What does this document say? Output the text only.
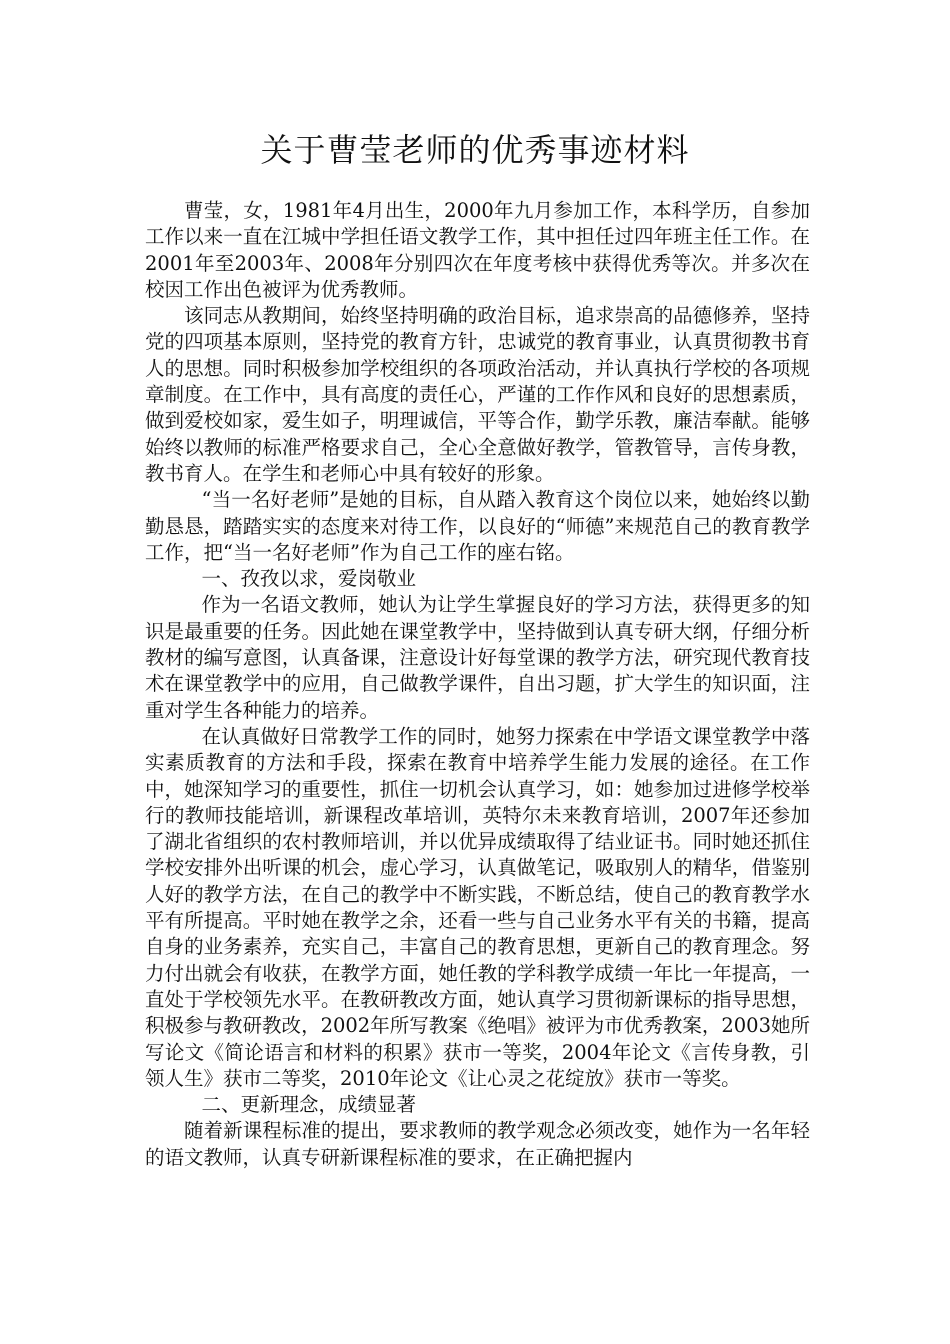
关于曹莹老师的优秀事迹材料

曹莹，女，1981年4月出生，2000年九月参加工作，本科学历，自参加工作以来一直在江城中学担任语文教学工作，其中担任过四年班主任工作。在2001年至2003年、2008年分别四次在年度考核中获得优秀等次。并多次在校因工作出色被评为优秀教师。

该同志从教期间，始终坚持明确的政治目标，追求崇高的品德修养，坚持党的四项基本原则，坚持党的教育方针，忠诚党的教育事业，认真贯彻教书育人的思想。同时积极参加学校组织的各项政治活动，并认真执行学校的各项规章制度。在工作中，具有高度的责任心，严谨的工作作风和良好的思想素质，做到爱校如家，爱生如子，明理诚信，平等合作，勤学乐教，廉洁奉献。能够始终以教师的标准严格要求自己，全心全意做好教学，管教管导，言传身教，教书育人。在学生和老师心中具有较好的形象。

“当一名好老师”是她的目标，自从踏入教育这个岗位以来，她始终以勤勤恳恳，踏踏实实的态度来对待工作，以良好的“师德”来规范自己的教育教学工作，把“当一名好老师”作为自己工作的座右铭。

一、孜孜以求，爱岗敬业

作为一名语文教师，她认为让学生掌握良好的学习方法，获得更多的知识是最重要的任务。因此她在课堂教学中，坚持做到认真专研大纲，仔细分析教材的编写意图，认真备课，注意设计好每堂课的教学方法，研究现代教育技术在课堂教学中的应用，自己做教学课件，自出习题，扩大学生的知识面，注重对学生各种能力的培养。

在认真做好日常教学工作的同时，她努力探索在中学语文课堂教学中落实素质教育的方法和手段，探索在教育中培养学生能力发展的途径。在工作中，她深知学习的重要性，抓住一切机会认真学习，如：她参加过进修学校举行的教师技能培训，新课程改革培训，英特尔未来教育培训，2007年还参加了湖北省组织的农村教师培训，并以优异成绩取得了结业证书。同时她还抓住学校安排外出听课的机会，虚心学习，认真做笔记，吸取别人的精华，借鉴别人好的教学方法，在自己的教学中不断实践，不断总结，使自己的教育教学水平有所提高。平时她在教学之余，还看一些与自己业务水平有关的书籍，提高自身的业务素养，充实自己，丰富自己的教育思想，更新自己的教育理念。努力付出就会有收获，在教学方面，她任教的学科教学成绩一年比一年提高，一直处于学校领先水平。在教研教改方面，她认真学习贯彻新课标的指导思想，积极参与教研教改，2002年所写教案《绝唱》被评为市优秀教案，2003她所写论文《简论语言和材料的积累》获市一等奖，2004年论文《言传身教，引领人生》获市二等奖，2010年论文《让心灵之花绽放》获市一等奖。

二、更新理念，成绩显著

随着新课程标准的提出，要求教师的教学观念必须改变，她作为一名年轻的语文教师，认真专研新课程标准的要求，在正确把握内
